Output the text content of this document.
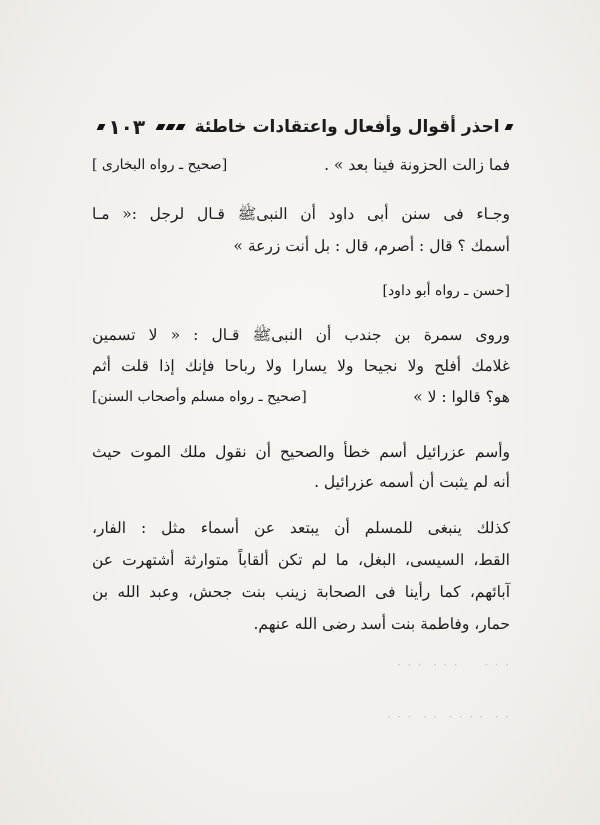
احذر أقوال وأفعال واعتقادات خاطئة
١٠٣
فما زالت الحزونة فينا بعد » .
[صحيح ـ رواه البخارى ]
وجـاء فى سنن أبى داود أن النبىﷺ قـال لرجل :« مـا
أسمك ؟ قال : أصرم، قال : بل أنت زرعة »
[حسن ـ رواه أبو داود]
وروى سمرة بن جندب أن النبىﷺ قـال : « لا تسمين
غلامك أفلح ولا نجيحا ولا يسارا ولا رباحا فإنك إذا قلت أثم
هو؟ قالوا : لا »
[صحيح ـ رواه مسلم وأصحاب السنن]
وأسم عزرائيل أسم خطأ والصحيح أن نقول ملك الموت حيث
أنه لم يثبت أن أسمه عزرائيل .
كذلك ينبغى للمسلم أن يبتعد عن أسماء مثل : الفار،
القط، السيسى، البغل، ما لم تكن ألقاباً متوارثة أشتهرت عن
آبائهم، كما رأينا فى الصحابة زينب بنت جحش، وعبد الله بن
حمار، وفاطمة بنت أسد رضى الله عنهم.
· · · ‏ ‏ ‏ ‏ · · · ‏ · · ·
· · ‏ · · · · ‏ · · ‏ · · ·
